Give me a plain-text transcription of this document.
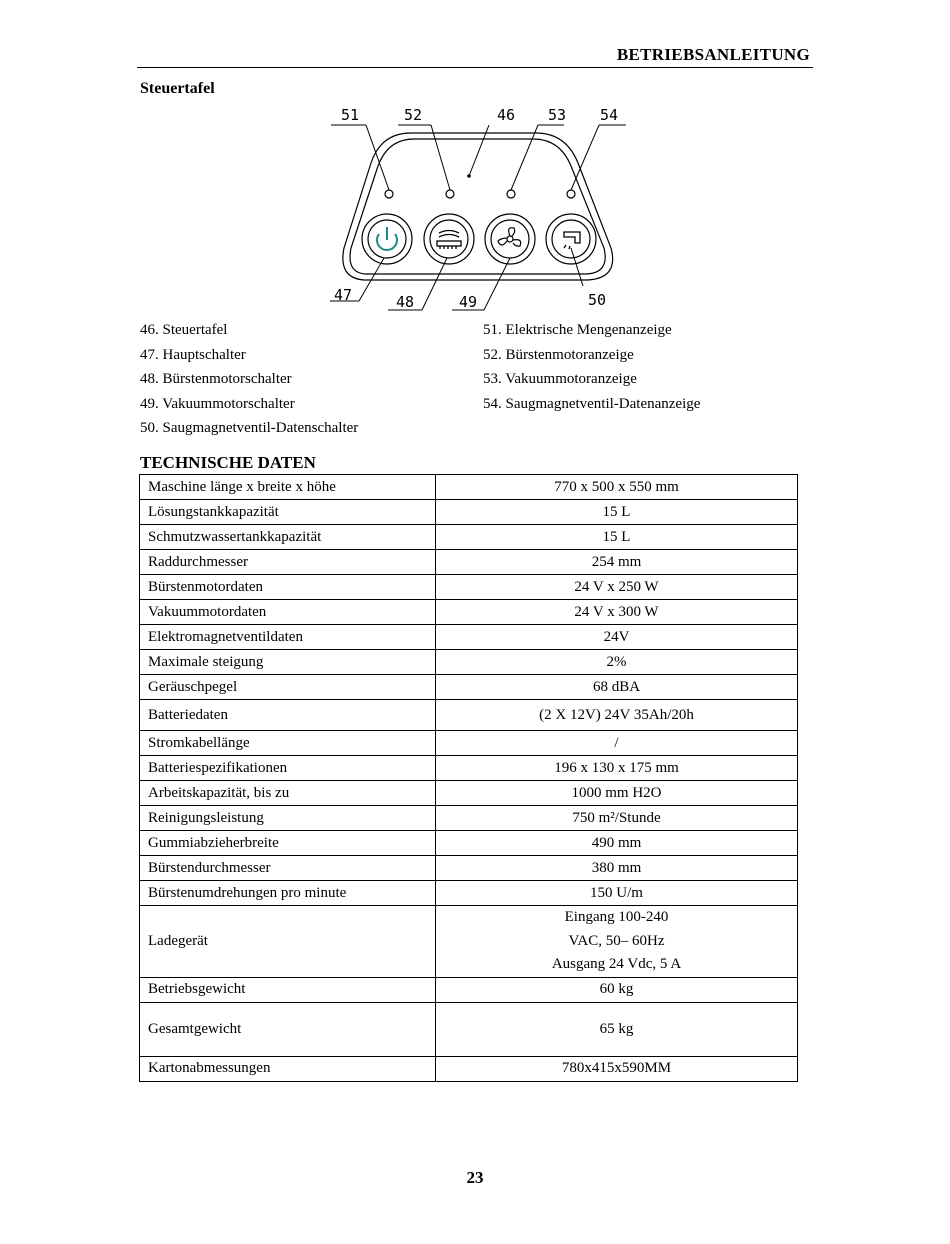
BETRIEBSANLEITUNG
Steuertafel
51	52	46 53 54
47	48	49	50
46. Steuertafel
47. Hauptschalter
48. Bürstenmotorschalter
49. Vakuummotorschalter
50. Saugmagnetventil-Datenschalter
51. Elektrische Mengenanzeige
52. Bürstenmotoranzeige
53. Vakuummotoranzeige
54. Saugmagnetventil-Datenanzeige
TECHNISCHE DATEN
Maschine länge x breite x höhe	770 x 500 x 550 mm
Lösungstankkapazität	15 L
Schmutzwassertankkapazität	15 L
Raddurchmesser	254 mm
Bürstenmotordaten	24 V x 250 W
Vakuummotordaten	24 V x 300 W
Elektromagnetventildaten	24V
Maximale steigung	2%
Geräuschpegel	68 dBA
Batteriedaten	(2 X 12V) 24V 35Ah/20h
Stromkabellänge	/
Batteriespezifikationen	196 x 130 x 175 mm
Arbeitskapazität, bis zu	1000 mm H2O
Reinigungsleistung	750 m²/Stunde
Gummiabzieherbreite	490 mm
Bürstendurchmesser	380 mm
Bürstenumdrehungen pro minute	150 U/m
Ladegerät	Eingang 100-240
VAC, 50– 60Hz
Ausgang 24 Vdc, 5 A

Betriebsgewicht	60 kg
Gesamtgewicht	65 kg
Kartonabmessungen	780x415x590MM
23
